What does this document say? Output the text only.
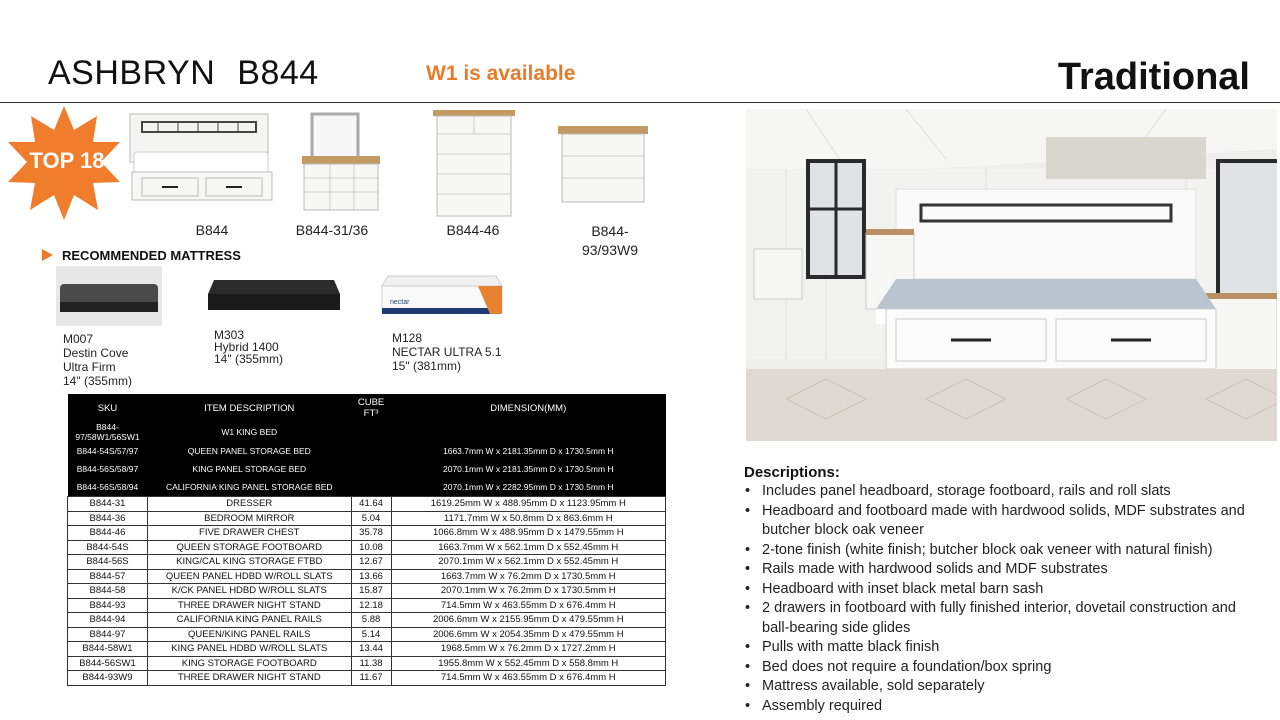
ASHBRYN B844	W1 is available	Traditional
TOP 18
B844	B844-31/36	B844-46	B844-
93/93W9
RECOMMENDED MATTRESS
nectar
M007
Destin Cove
Ultra Firm
14" (355mm)
M303
Hybrid 1400
14" (355mm)
M128
NECTAR ULTRA 5.1
15" (381mm)
SKU	ITEM DESCRIPTION	CUBE FT³	DIMENSION(MM)
B844-97/58W1/56SW1	W1 KING BED		
B844-54S/57/97	QUEEN PANEL STORAGE BED		1663.7mm W x 2181.35mm D x 1730.5mm H
B844-56S/58/97	KING PANEL STORAGE BED		2070.1mm W x 2181.35mm D x 1730.5mm H
B844-56S/58/94	CALIFORNIA KING PANEL STORAGE BED		2070.1mm W x 2282.95mm D x 1730.5mm H
B844-31	DRESSER	41.64	1619.25mm W x 488.95mm D x 1123.95mm H
B844-36	BEDROOM MIRROR	5.04	1171.7mm W x 50.8mm D x 863.6mm H
B844-46	FIVE DRAWER CHEST	35.78	1066.8mm W x 488.95mm D x 1479.55mm H
B844-54S	QUEEN STORAGE FOOTBOARD	10.08	1663.7mm W x 562.1mm D x 552.45mm H
B844-56S	KING/CAL KING STORAGE FTBD	12.67	2070.1mm W x 562.1mm D x 552.45mm H
B844-57	QUEEN PANEL HDBD W/ROLL SLATS	13.66	1663.7mm W x 76.2mm D x 1730.5mm H
B844-58	K/CK PANEL HDBD W/ROLL SLATS	15.87	2070.1mm W x 76.2mm D x 1730.5mm H
B844-93	THREE DRAWER NIGHT STAND	12.18	714.5mm W x 463.55mm D x 676.4mm H
B844-94	CALIFORNIA KING PANEL RAILS	5.88	2006.6mm W x 2155.95mm D x 479.55mm H
B844-97	QUEEN/KING PANEL RAILS	5.14	2006.6mm W x 2054.35mm D x 479.55mm H
B844-58W1	KING PANEL HDBD W/ROLL SLATS	13.44	1968.5mm W x 76.2mm D x 1727.2mm H
B844-56SW1	KING STORAGE FOOTBOARD	11.38	1955.8mm W x 552.45mm D x 558.8mm H
B844-93W9	THREE DRAWER NIGHT STAND	11.67	714.5mm W x 463.55mm D x 676.4mm H
Descriptions:
• Includes panel headboard, storage footboard, rails and roll slats
• Headboard and footboard made with hardwood solids, MDF substrates and butcher block oak veneer
• 2-tone finish (white finish; butcher block oak veneer with natural finish)
• Rails made with hardwood solids and MDF substrates
• Headboard with inset black metal barn sash
• 2 drawers in footboard with fully finished interior, dovetail construction and ball-bearing side glides
• Pulls with matte black finish
• Bed does not require a foundation/box spring
• Mattress available, sold separately
• Assembly required
